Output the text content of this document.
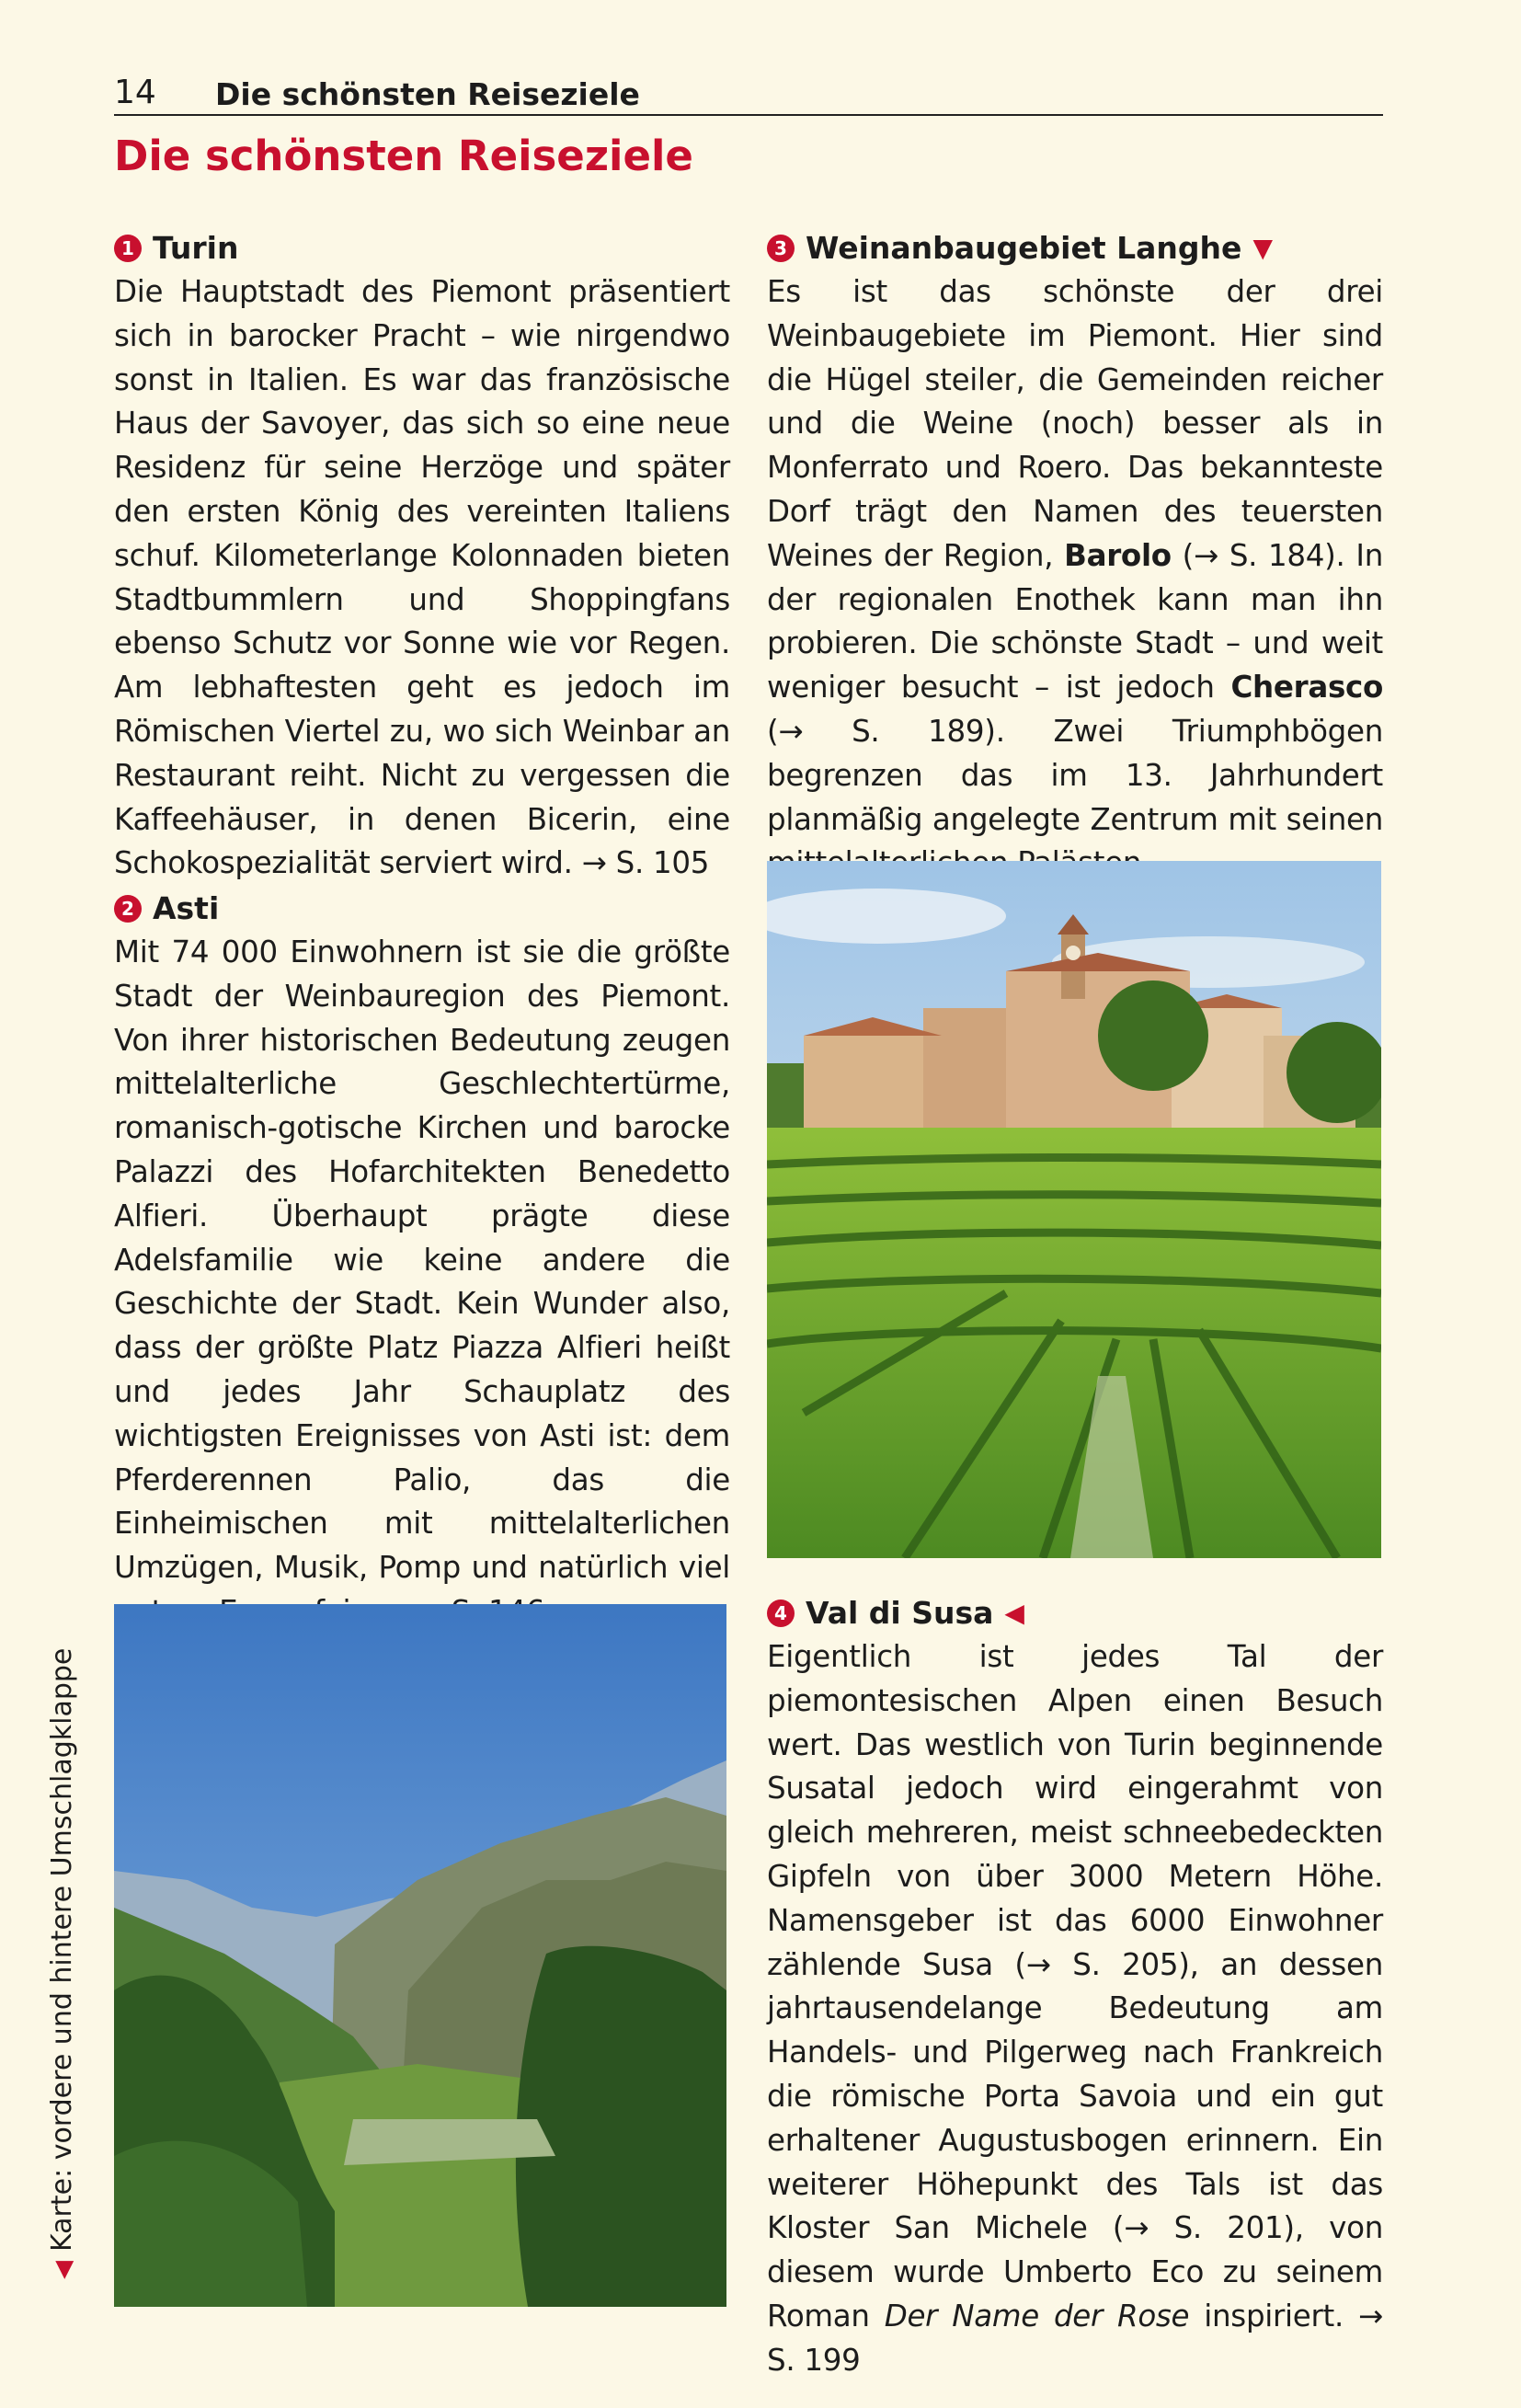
14 Die schönsten Reiseziele
Die schönsten Reiseziele
1 Turin

Die Hauptstadt des Piemont präsentiert sich in barocker Pracht – wie nirgendwo sonst in Italien. Es war das französische Haus der Savoyer, das sich so eine neue Residenz für seine Herzöge und später den ersten König des vereinten Italiens schuf. Kilometerlange Kolonnaden bieten Stadtbummlern und Shoppingfans ebenso Schutz vor Sonne wie vor Regen. Am lebhaftesten geht es jedoch im Römischen Viertel zu, wo sich Weinbar an Restaurant reiht. Nicht zu vergessen die Kaffeehäuser, in denen Bicerin, eine Schokospezialität serviert wird. → S. 105

2 Asti

Mit 74 000 Einwohnern ist sie die größte Stadt der Weinbauregion des Piemont. Von ihrer historischen Bedeutung zeugen mittelalterliche Geschlechtertürme, romanisch-gotische Kirchen und barocke Palazzi des Hofarchitekten Benedetto Alfieri. Überhaupt prägte diese Adelsfamilie wie keine andere die Geschichte der Stadt. Kein Wunder also, dass der größte Platz Piazza Alfieri heißt und jedes Jahr Schauplatz des wichtigsten Ereignisses von Asti ist: dem Pferderennen Palio, das die Einheimischen mit mittelalterlichen Umzügen, Musik, Pomp und natürlich viel

3 Weinanbaugebiet Langhe ▼

Es ist das schönste der drei Weinbaugebiete im Piemont. Hier sind die Hügel steiler, die Gemeinden reicher und die Weine (noch) besser als in Monferrato und Roero. Das bekannteste Dorf trägt den Namen des teuersten Weines der Region, Barolo (→ S. 184). In der regionalen Enothek kann man ihn probieren. Die schönste Stadt – und weit weniger besucht – ist jedoch Cherasco (→ S. 189). Zwei Triumphbögen begrenzen das im 13. Jahrhundert planmäßig angelegte Zentrum mit seinen

4 Val di Susa ◀

Eigentlich ist jedes Tal der piemontesischen Alpen einen Besuch wert. Das westlich von Turin beginnende Susatal jedoch wird eingerahmt von gleich mehreren, meist schneebedeckten Gipfeln von über 3000 Metern Höhe. Namensgeber ist das 6000 Einwohner zählende Susa (→ S. 205), an dessen jahrtausendelange Bedeutung am Handels- und Pilgerweg nach Frankreich die römische Porta Savoia und ein gut erhaltener Augustusbogen erinnern. Ein weiterer Höhepunkt des Tals ist das Kloster San Michele (→ S. 201), von diesem wurde Umberto Eco zu seinem Roman Der Name der Rose inspiriert. → S. 199

◀Karte: vordere und hintere Umschlagklappe
